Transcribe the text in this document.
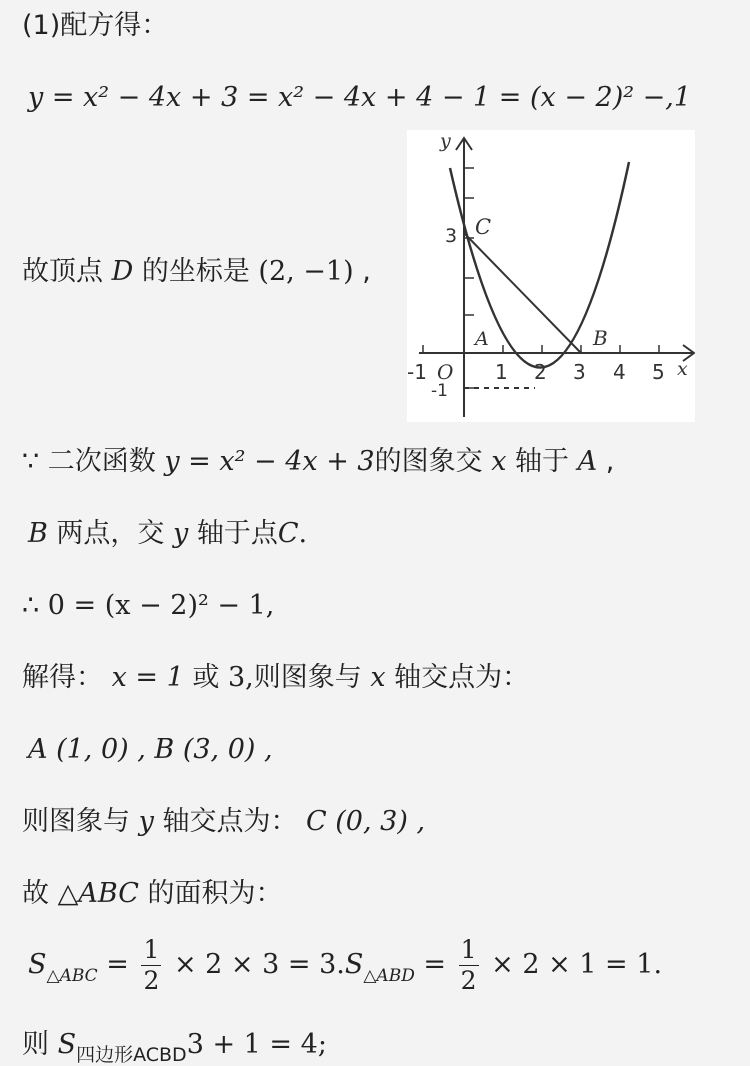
(1)配方得：
y = x² − 4x + 3 = x² − 4x + 4 − 1 = (x − 2)² −,1
故顶点 D 的坐标是 (2, −1) ,
y
x
3 C
A	B
-1 O 1 2 3 4 5
-1
∵ 二次函数 y = x² − 4x + 3的图象交 x 轴于 A ,
B 两点，交 y 轴于点C.
∴ 0 = (x − 2)² − 1,
解得： x = 1 或 3,则图象与 x 轴交点为：
A (1, 0) , B (3, 0) ,
则图象与 y 轴交点为： C (0, 3) ,
故 △ABC 的面积为：
$S_{\triangle ABC} = \frac{1}{2} \times 2 \times 3 = 3.S_{\triangle ABD} = \frac{1}{2} \times 2 \times 1 = 1$.
则 $S_{四边形ACBD}3 + 1 = 4$;
